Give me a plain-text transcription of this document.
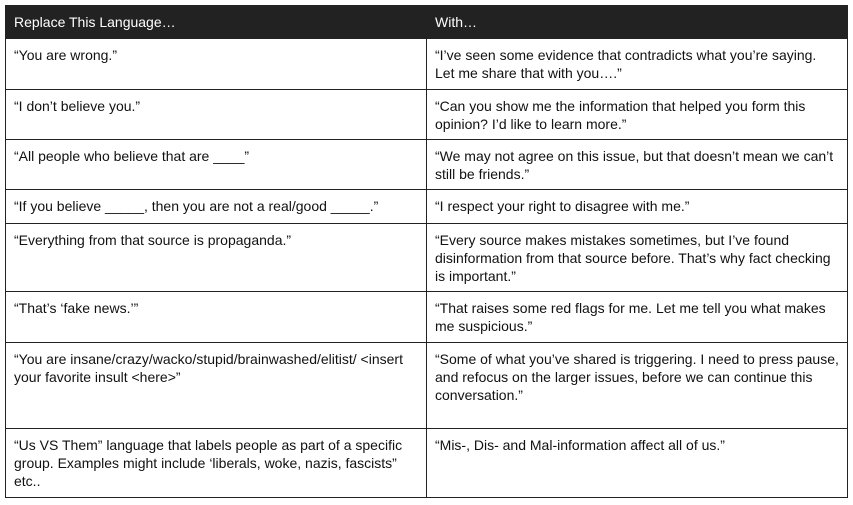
Replace This Language…	With…
“You are wrong.”	“I’ve seen some evidence that contradicts what you’re saying. Let me share that with you….”
“I don’t believe you.”	“Can you show me the information that helped you form this opinion? I’d like to learn more.”
“All people who believe that are ____”	“We may not agree on this issue, but that doesn’t mean we can’t still be friends.”
“If you believe _____, then you are not a real/good _____.”	“I respect your right to disagree with me.”
“Everything from that source is propaganda.”	“Every source makes mistakes sometimes, but I’ve found disinformation from that source before. That’s why fact checking is important.”
“That’s ‘fake news.’”	“That raises some red flags for me. Let me tell you what makes me suspicious.”
“You are insane/crazy/wacko/stupid/brainwashed/elitist/ <insert your favorite insult <here>”	“Some of what you’ve shared is triggering. I need to press pause, and refocus on the larger issues, before we can continue this conversation.”
“Us VS Them” language that labels people as part of a specific group. Examples might include ‘liberals, woke, nazis, fascists” etc..	“Mis-, Dis- and Mal-information affect all of us.”
